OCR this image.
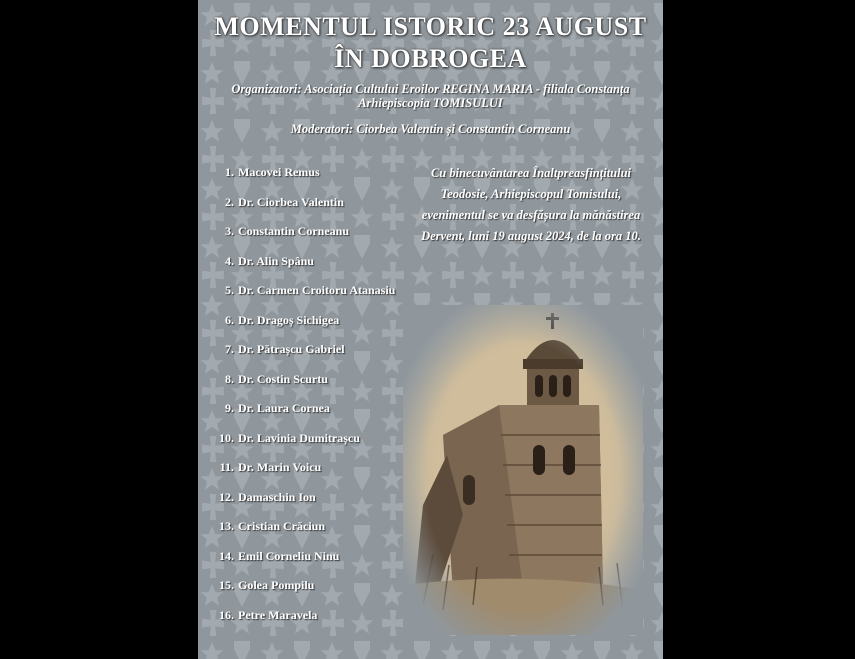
MOMENTUL ISTORIC 23 AUGUST
ÎN DOBROGEA
Organizatori: Asociația Cultului Eroilor REGINA MARIA - filiala Constanța
Arhiepiscopia TOMISULUI
Moderatori: Ciorbea Valentin și Constantin Corneanu
1. Macovei Remus
2. Dr. Ciorbea Valentin
3. Constantin Corneanu
4. Dr. Alin Spânu
5. Dr. Carmen Croitoru Atanasiu
6. Dr. Dragoș Sichigea
7. Dr. Pătrașcu Gabriel
8. Dr. Costin Scurtu
9. Dr. Laura Cornea
10. Dr. Lavinia Dumitrașcu
11. Dr. Marin Voicu
12. Damaschin Ion
13. Cristian Crăciun
14. Emil Corneliu Ninu
15. Golea Pompilu
16. Petre Maravela
Cu binecuvântarea Înaltpreasfințitului
Teodosie, Arhiepiscopul Tomisului,
evenimentul se va desfășura la mănăstirea
Dervent, luni 19 august 2024, de la ora 10.
